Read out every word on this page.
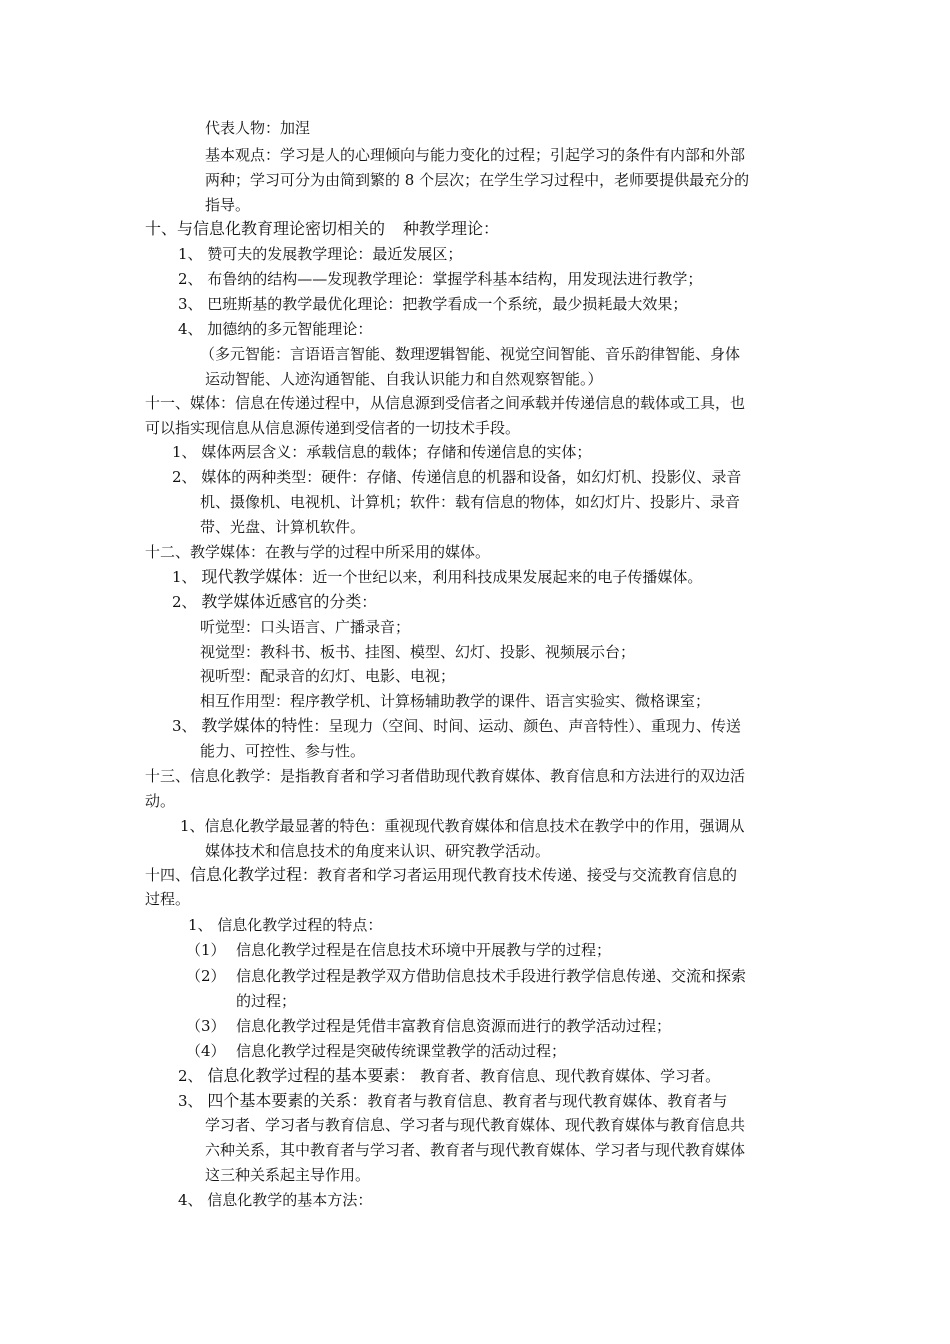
代表人物：加涅
基本观点：学习是人的心理倾向与能力变化的过程；引起学习的条件有内部和外部
两种；学习可分为由简到繁的 8 个层次；在学生学习过程中，老师要提供最充分的
指导。
十、与信息化教育理论密切相关的 种教学理论：
1、 赞可夫的发展教学理论：最近发展区；
2、 布鲁纳的结构——发现教学理论：掌握学科基本结构，用发现法进行教学；
3、 巴班斯基的教学最优化理论：把教学看成一个系统，最少损耗最大效果；
4、 加德纳的多元智能理论：
（多元智能：言语语言智能、数理逻辑智能、视觉空间智能、音乐韵律智能、身体
运动智能、人迹沟通智能、自我认识能力和自然观察智能。）
十一、媒体：信息在传递过程中，从信息源到受信者之间承载并传递信息的载体或工具，也
可以指实现信息从信息源传递到受信者的一切技术手段。
1、 媒体两层含义：承载信息的载体；存储和传递信息的实体；
2、 媒体的两种类型：硬件：存储、传递信息的机器和设备，如幻灯机、投影仪、录音
机、摄像机、电视机、计算机；软件：载有信息的物体，如幻灯片、投影片、录音
带、光盘、计算机软件。
十二、教学媒体：在教与学的过程中所采用的媒体。
1、 现代教学媒体：近一个世纪以来，利用科技成果发展起来的电子传播媒体。
2、 教学媒体近感官的分类：
听觉型：口头语言、广播录音；
视觉型：教科书、板书、挂图、模型、幻灯、投影、视频展示台；
视听型：配录音的幻灯、电影、电视；
相互作用型：程序教学机、计算杨辅助教学的课件、语言实验实、微格课室；
3、 教学媒体的特性：呈现力（空间、时间、运动、颜色、声音特性）、重现力、传送
能力、可控性、参与性。
十三、信息化教学：是指教育者和学习者借助现代教育媒体、教育信息和方法进行的双边活
动。
1、信息化教学最显著的特色：重视现代教育媒体和信息技术在教学中的作用，强调从
媒体技术和信息技术的角度来认识、研究教学活动。
十四、信息化教学过程：教育者和学习者运用现代教育技术传递、接受与交流教育信息的
过程。
1、 信息化教学过程的特点：
（1） 信息化教学过程是在信息技术环境中开展教与学的过程；
（2） 信息化教学过程是教学双方借助信息技术手段进行教学信息传递、交流和探索
的过程；
（3） 信息化教学过程是凭借丰富教育信息资源而进行的教学活动过程；
（4） 信息化教学过程是突破传统课堂教学的活动过程；
2、 信息化教学过程的基本要素： 教育者、教育信息、现代教育媒体、学习者。
3、 四个基本要素的关系：教育者与教育信息、教育者与现代教育媒体、教育者与
学习者、学习者与教育信息、学习者与现代教育媒体、现代教育媒体与教育信息共
六种关系，其中教育者与学习者、教育者与现代教育媒体、学习者与现代教育媒体
这三种关系起主导作用。
4、 信息化教学的基本方法：
